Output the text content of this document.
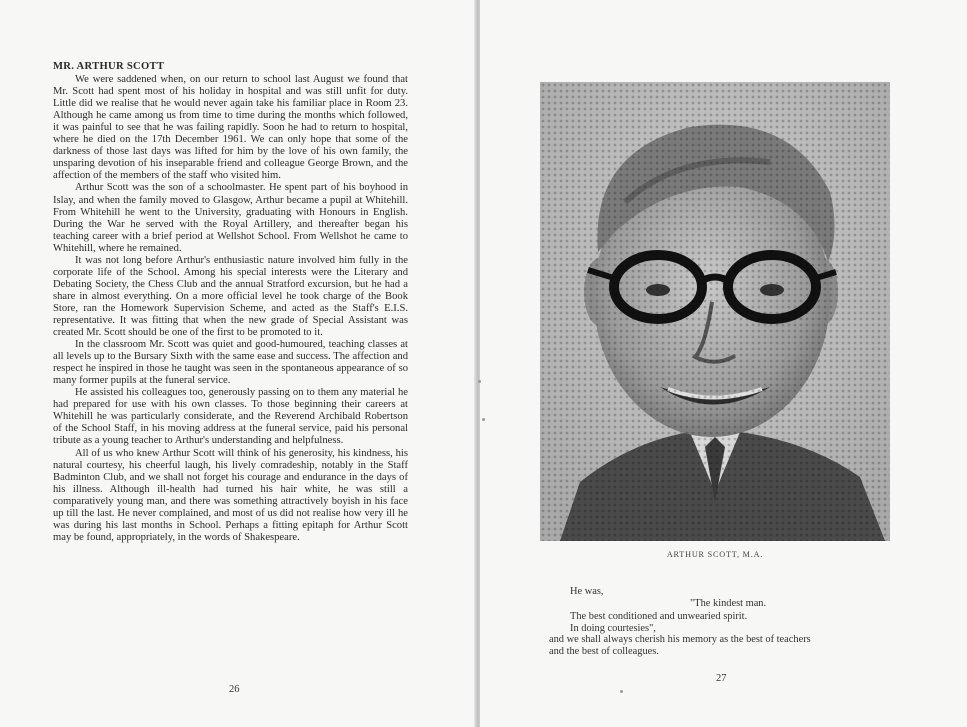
MR. ARTHUR SCOTT

We were saddened when, on our return to school last August we found that Mr. Scott had spent most of his holiday in hospital and was still unfit for duty. Little did we realise that he would never again take his familiar place in Room 23. Although he came among us from time to time during the months which followed, it was painful to see that he was failing rapidly. Soon he had to return to hospital, where he died on the 17th December 1961. We can only hope that some of the darkness of those last days was lifted for him by the love of his own family, the unsparing devotion of his inseparable friend and colleague George Brown, and the affection of the members of the staff who visited him.

Arthur Scott was the son of a schoolmaster. He spent part of his boyhood in Islay, and when the family moved to Glasgow, Arthur became a pupil at Whitehill. From Whitehill he went to the University, graduating with Honours in English. During the War he served with the Royal Artillery, and thereafter began his teaching career with a brief period at Wellshot School. From Wellshot he came to Whitehill, where he remained.

It was not long before Arthur's enthusiastic nature involved him fully in the corporate life of the School. Among his special interests were the Literary and Debating Society, the Chess Club and the annual Stratford excursion, but he had a share in almost everything. On a more official level he took charge of the Book Store, ran the Homework Supervision Scheme, and acted as the Staff's E.I.S. representative. It was fitting that when the new grade of Special Assistant was created Mr. Scott should be one of the first to be promoted to it.

In the classroom Mr. Scott was quiet and good-humoured, teaching classes at all levels up to the Bursary Sixth with the same ease and success. The affection and respect he inspired in those he taught was seen in the spontaneous appearance of so many former pupils at the funeral service.

He assisted his colleagues too, generously passing on to them any material he had prepared for use with his own classes. To those beginning their careers at Whitehill he was particularly considerate, and the Reverend Archibald Robertson of the School Staff, in his moving address at the funeral service, paid his personal tribute as a young teacher to Arthur's understanding and helpfulness.

All of us who knew Arthur Scott will think of his generosity, his kindness, his natural courtesy, his cheerful laugh, his lively comradeship, notably in the Staff Badminton Club, and we shall not forget his courage and endurance in the days of his illness. Although ill-health had turned his hair white, he was still a comparatively young man, and there was something attractively boyish in his face up till the last. He never complained, and most of us did not realise how very ill he was during his last months in School. Perhaps a fitting epitaph for Arthur Scott may be found, appropriately, in the words of Shakespeare.

26
ARTHUR SCOTT, M.A.
He was,
"The kindest man.
The best conditioned and unwearied spirit.
In doing courtesies",
and we shall always cherish his memory as the best of teachers
and the best of colleagues.
27
